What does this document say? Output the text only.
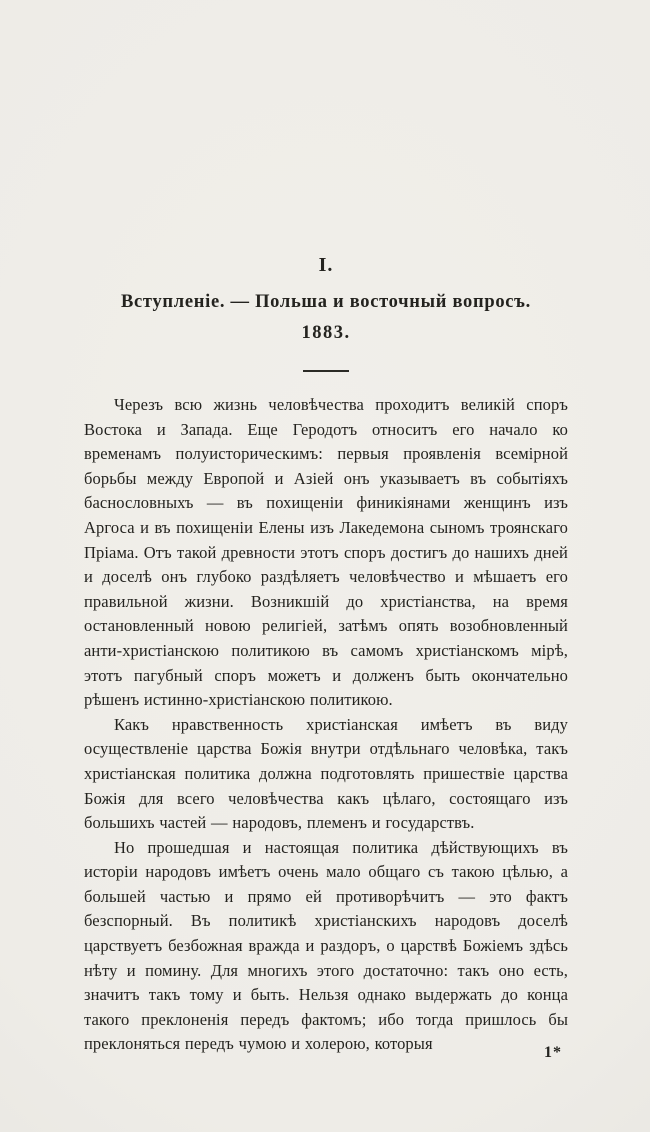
I.
Вступленіе. — Польша и восточный вопросъ.
1883.

Черезъ всю жизнь человѣчества проходитъ великій споръ Востока и Запада. Еще Геродотъ относитъ его начало ко временамъ полуисторическимъ: первыя проявленія всемірной борьбы между Европой и Азіей онъ указываетъ въ событіяхъ баснословныхъ — въ похищеніи финикіянами женщинъ изъ Аргоса и въ похищеніи Елены изъ Лакедемона сыномъ троянскаго Пріама. Отъ такой древности этотъ споръ достигъ до нашихъ дней и доселѣ онъ глубоко раздѣляетъ человѣчество и мѣшаетъ его правильной жизни. Возникшій до христіанства, на время остановленный новою религіей, затѣмъ опять возобновленный анти-христіанскою политикою въ самомъ христіанскомъ мірѣ, этотъ пагубный споръ можетъ и долженъ быть окончательно рѣшенъ истинно-христіанскою политикою.

Какъ нравственность христіанская имѣетъ въ виду осуществленіе царства Божія внутри отдѣльнаго человѣка, такъ христіанская политика должна подготовлять пришествіе царства Божія для всего человѣчества какъ цѣлаго, состоящаго изъ большихъ частей — народовъ, племенъ и государствъ.

Но прошедшая и настоящая политика дѣйствующихъ въ исторіи народовъ имѣетъ очень мало общаго съ такою цѣлью, а большей частью и прямо ей противорѣчитъ — это фактъ безспорный. Въ политикѣ христіанскихъ народовъ доселѣ царствуетъ безбожная вражда и раздоръ, о царствѣ Божіемъ здѣсь нѣту и помину. Для многихъ этого достаточно: такъ оно есть, значитъ такъ тому и быть. Нельзя однако выдержать до конца такого преклоненія передъ фактомъ; ибо тогда пришлось бы преклоняться передъ чумою и холерою, которыя	1*
